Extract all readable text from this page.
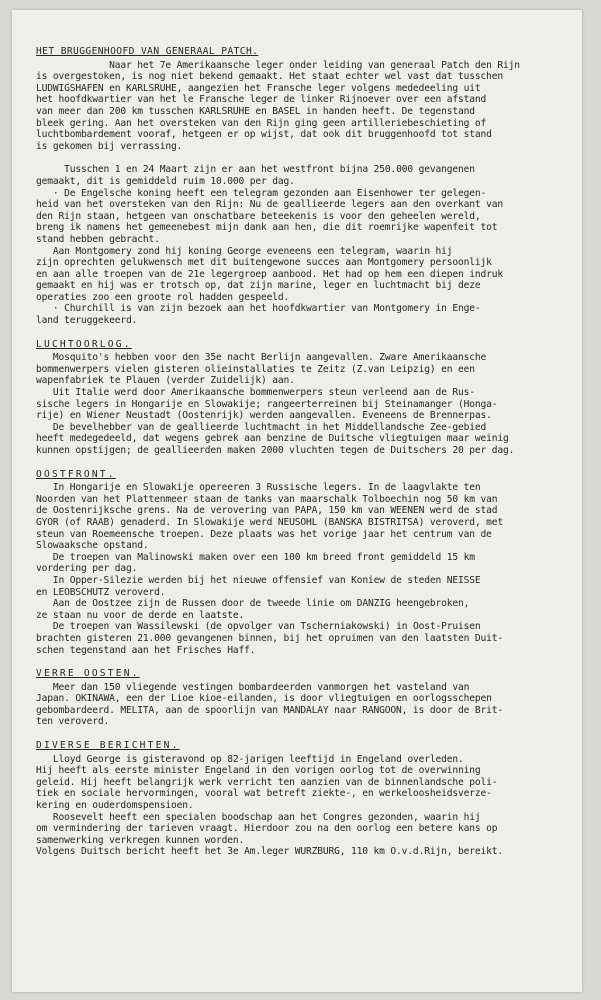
HET BRUGGENHOOFD VAN GENERAAL PATCH.

Naar het 7e Amerikaansche leger onder leiding van generaal Patch den Rijn
is overgestoken, is nog niet bekend gemaakt. Het staat echter wel vast dat tusschen
LUDWIGSHAFEN en KARLSRUHE, aangezien het Fransche leger volgens mededeeling uit
het hoofdkwartier van het le Fransche leger de linker Rijnoever over een afstand
van meer dan 200 km tusschen KARLSRUHE en BASEL in handen heeft. De tegenstand
bleek gering. Aan het oversteken van den Rijn ging geen artilleriebeschieting of
luchtbombardement vooraf, hetgeen er op wijst, dat ook dit bruggenhoofd tot stand
is gekomen bij verrassing.

Tusschen 1 en 24 Maart zijn er aan het westfront bijna 250.000 gevangenen
gemaakt, dit is gemiddeld ruim 10.000 per dag.
· De Engelsche koning heeft een telegram gezonden aan Eisenhower ter gelegen-
heid van het oversteken van den Rijn: Nu de geallieerde legers aan den overkant van
den Rijn staan, hetgeen van onschatbare beteekenis is voor den geheelen wereld,
breng ik namens het gemeenebest mijn dank aan hen, die dit roemrijke wapenfeit tot
stand hebben gebracht.
Aan Montgomery zond hij koning George eveneens een telegram, waarin hij
zijn oprechten gelukwensch met dit buitengewone succes aan Montgomery persoonlijk
en aan alle troepen van de 21e legergroep aanbood. Het had op hem een diepen indruk
gemaakt en hij was er trotsch op, dat zijn marine, leger en luchtmacht bij deze
operaties zoo een groote rol hadden gespeeld.
· Churchill is van zijn bezoek aan het hoofdkwartier van Montgomery in Enge-
land teruggekeerd.

LUCHTOORLOG.

Mosquito's hebben voor den 35e nacht Berlijn aangevallen. Zware Amerikaansche
bommenwerpers vielen gisteren olieinstallaties te Zeitz (Z.van Leipzig) en een
wapenfabriek te Plauen (verder Zuidelijk) aan.
Uit Italie werd door Amerikaansche bommenwerpers steun verleend aan de Rus-
sische legers in Hongarije en Slowakije; rangeerterreinen bij Steinamanger (Honga-
rije) en Wiener Neustadt (Oostenrijk) werden aangevallen. Eveneens de Brennerpas.
De bevelhebber van de geallieerde luchtmacht in het Middellandsche Zee-gebied
heeft medegedeeld, dat wegens gebrek aan benzine de Duitsche vliegtuigen maar weinig
kunnen opstijgen; de geallieerden maken 2000 vluchten tegen de Duitschers 20 per dag.

OOSTFRONT.

In Hongarije en Slowakije opereeren 3 Russische legers. In de laagvlakte ten
Noorden van het Plattenmeer staan de tanks van maarschalk Tolboechin nog 50 km van
de Oostenrijksche grens. Na de verovering van PAPA, 150 km van WEENEN werd de stad
GYOR (of RAAB) genaderd. In Slowakije werd NEUSOHL (BANSKA BISTRITSA) veroverd, met
steun van Roemeensche troepen. Deze plaats was het vorige jaar het centrum van de
Slowaaksche opstand.
De troepen van Malinowski maken over een 100 km breed front gemiddeld 15 km
vordering per dag.
In Opper-Silezie werden bij het nieuwe offensief van Koniew de steden NEISSE
en LEOBSCHUTZ veroverd.
Aan de Oostzee zijn de Russen door de tweede linie om DANZIG heengebroken,
ze staan nu voor de derde en laatste.
De troepen van Wassilewski (de opvolger van Tscherniakowski) in Oost-Pruisen
brachten gisteren 21.000 gevangenen binnen, bij het opruimen van den laatsten Duit-
schen tegenstand aan het Frisches Haff.

VERRE OOSTEN.

Meer dan 150 vliegende vestingen bombardeerden vanmorgen het vasteland van
Japan. OKINAWA, een der Lioe kioe-eilanden, is door vliegtuigen en oorlogsschepen
gebombardeerd. MELITA, aan de spoorlijn van MANDALAY naar RANGOON, is door de Brit-
ten veroverd.

DIVERSE BERICHTEN.

Lloyd George is gisteravond op 82-jarigen leeftijd in Engeland overleden.
Hij heeft als eerste minister Engeland in den vorigen oorlog tot de overwinning
geleid. Hij heeft belangrijk werk verricht ten aanzien van de binnenlandsche poli-
tiek en sociale hervormingen, vooral wat betreft ziekte-, en werkeloosheidsverze-
kering en ouderdomspensioen.
Roosevelt heeft een specialen boodschap aan het Congres gezonden, waarin hij
om vermindering der tarieven vraagt. Hierdoor zou na den oorlog een betere kans op
samenwerking verkregen kunnen worden.
Volgens Duitsch bericht heeft het 3e Am.leger WURZBURG, 110 km O.v.d.Rijn, bereikt.
